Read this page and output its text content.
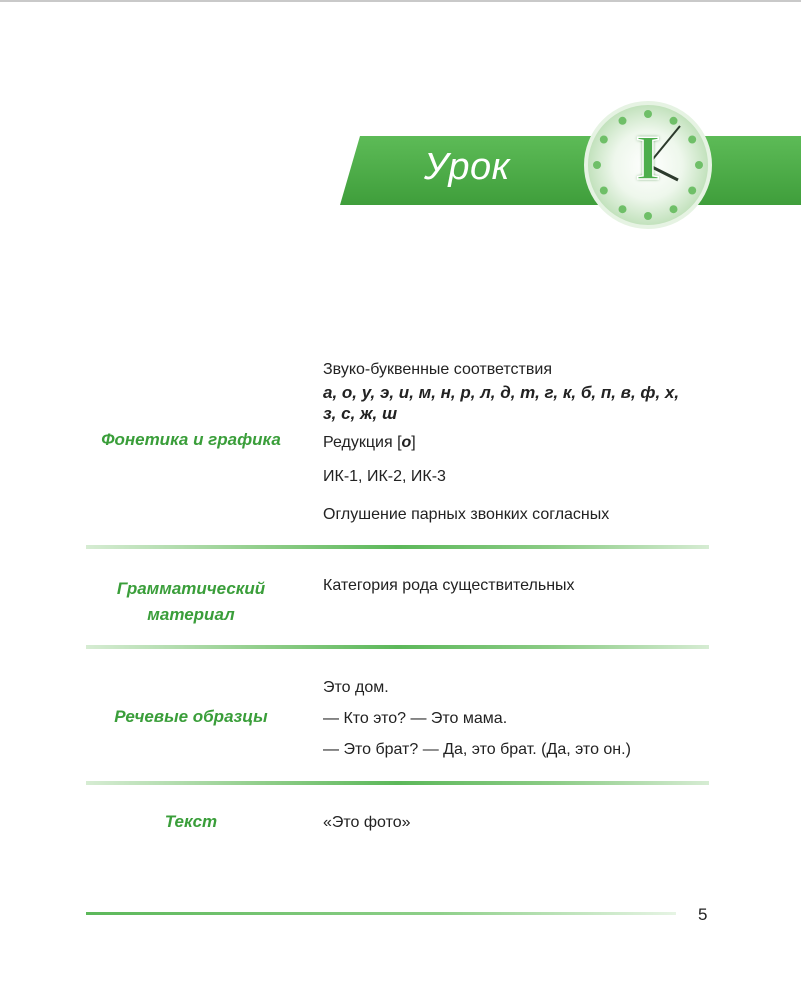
Урок I
Фонетика и графика
Звуко-буквенные соответствия
а, о, у, э, и, м, н, р, л, д, т, г, к, б, п, в, ф, х, з, с, ж, ш
Редукция [о]
ИК-1, ИК-2, ИК-3
Оглушение парных звонких согласных
Грамматический
материал
Категория рода существительных
Речевые образцы
Это дом.
— Кто это? — Это мама.
— Это брат? — Да, это брат. (Да, это он.)
Текст	«Это фото»
5
